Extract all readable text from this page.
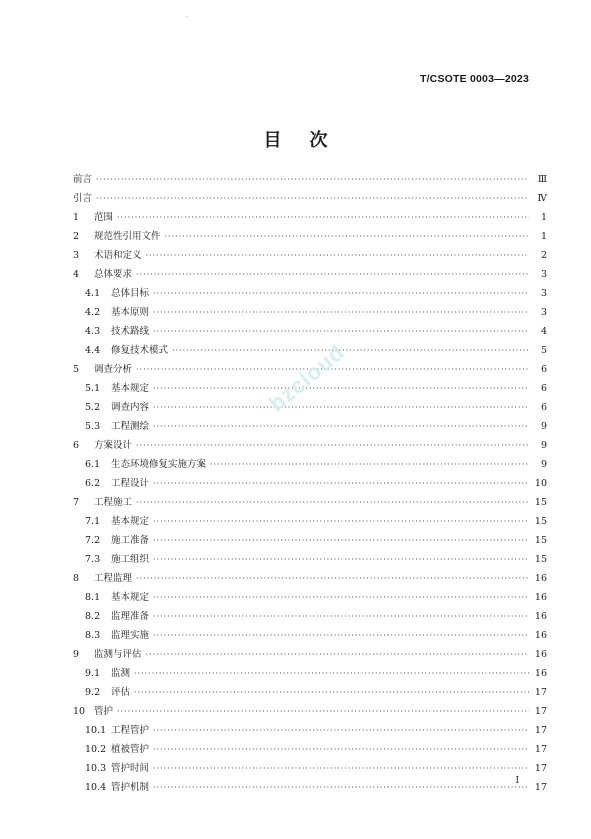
·
T/CSOTE 0003—2023
目次
前言 ·····	Ⅲ
引言 ·····	Ⅳ
1	范围 ·····	1
2	规范性引用文件 ·····	1
3	术语和定义 ·····	2
4	总体要求 ·····	3
4.1	总体目标 ·····	3
4.2	基本原则 ·····	3
4.3	技术路线 ·····	4
4.4	修复技术模式 ·····	5
5	调查分析 ·····	6
5.1	基本规定 ·····	6
5.2	调查内容 ·····	6
5.3	工程测绘 ·····	9
6	方案设计 ·····	9
6.1	生态环境修复实施方案 ·····	9
6.2	工程设计 ·····	10
7	工程施工 ·····	15
7.1	基本规定 ·····	15
7.2	施工准备 ·····	15
7.3	施工组织 ·····	15
8	工程监理 ·····	16
8.1	基本规定 ·····	16
8.2	监理准备 ·····	16
8.3	监理实施 ·····	16
9	监测与评估 ·····	16
9.1	监测 ·····	16
9.2	评估 ·····	17
10 管护 ·····	17
10.1 工程管护 ·····	17
10.2 植被管护 ·····	17
10.3 管护时间 ·····	17
10.4 管护机制 ·····	17
bzcloud
Ⅰ
